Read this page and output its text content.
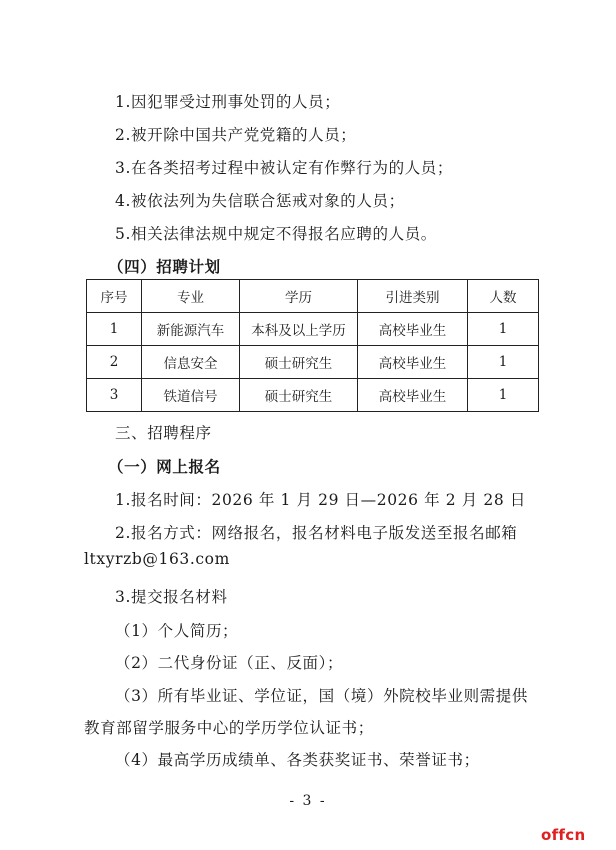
1.因犯罪受过刑事处罚的人员；
2.被开除中国共产党党籍的人员；
3.在各类招考过程中被认定有作弊行为的人员；
4.被依法列为失信联合惩戒对象的人员；
5.相关法律法规中规定不得报名应聘的人员。
（四）招聘计划
序号	专业	学历	引进类别	人数
1	新能源汽车	本科及以上学历	高校毕业生	1
2	信息安全	硕士研究生	高校毕业生	1
3	铁道信号	硕士研究生	高校毕业生	1
三、招聘程序
（一）网上报名
1.报名时间：2026 年 1 月 29 日—2026 年 2 月 28 日
2.报名方式：网络报名，报名材料电子版发送至报名邮箱
ltxyrzb@163.com
3.提交报名材料
（1）个人简历；
（2）二代身份证（正、反面）；
（3）所有毕业证、学位证，国（境）外院校毕业则需提供
教育部留学服务中心的学历学位认证书；
（4）最高学历成绩单、各类获奖证书、荣誉证书；
- 3 -
offcn
